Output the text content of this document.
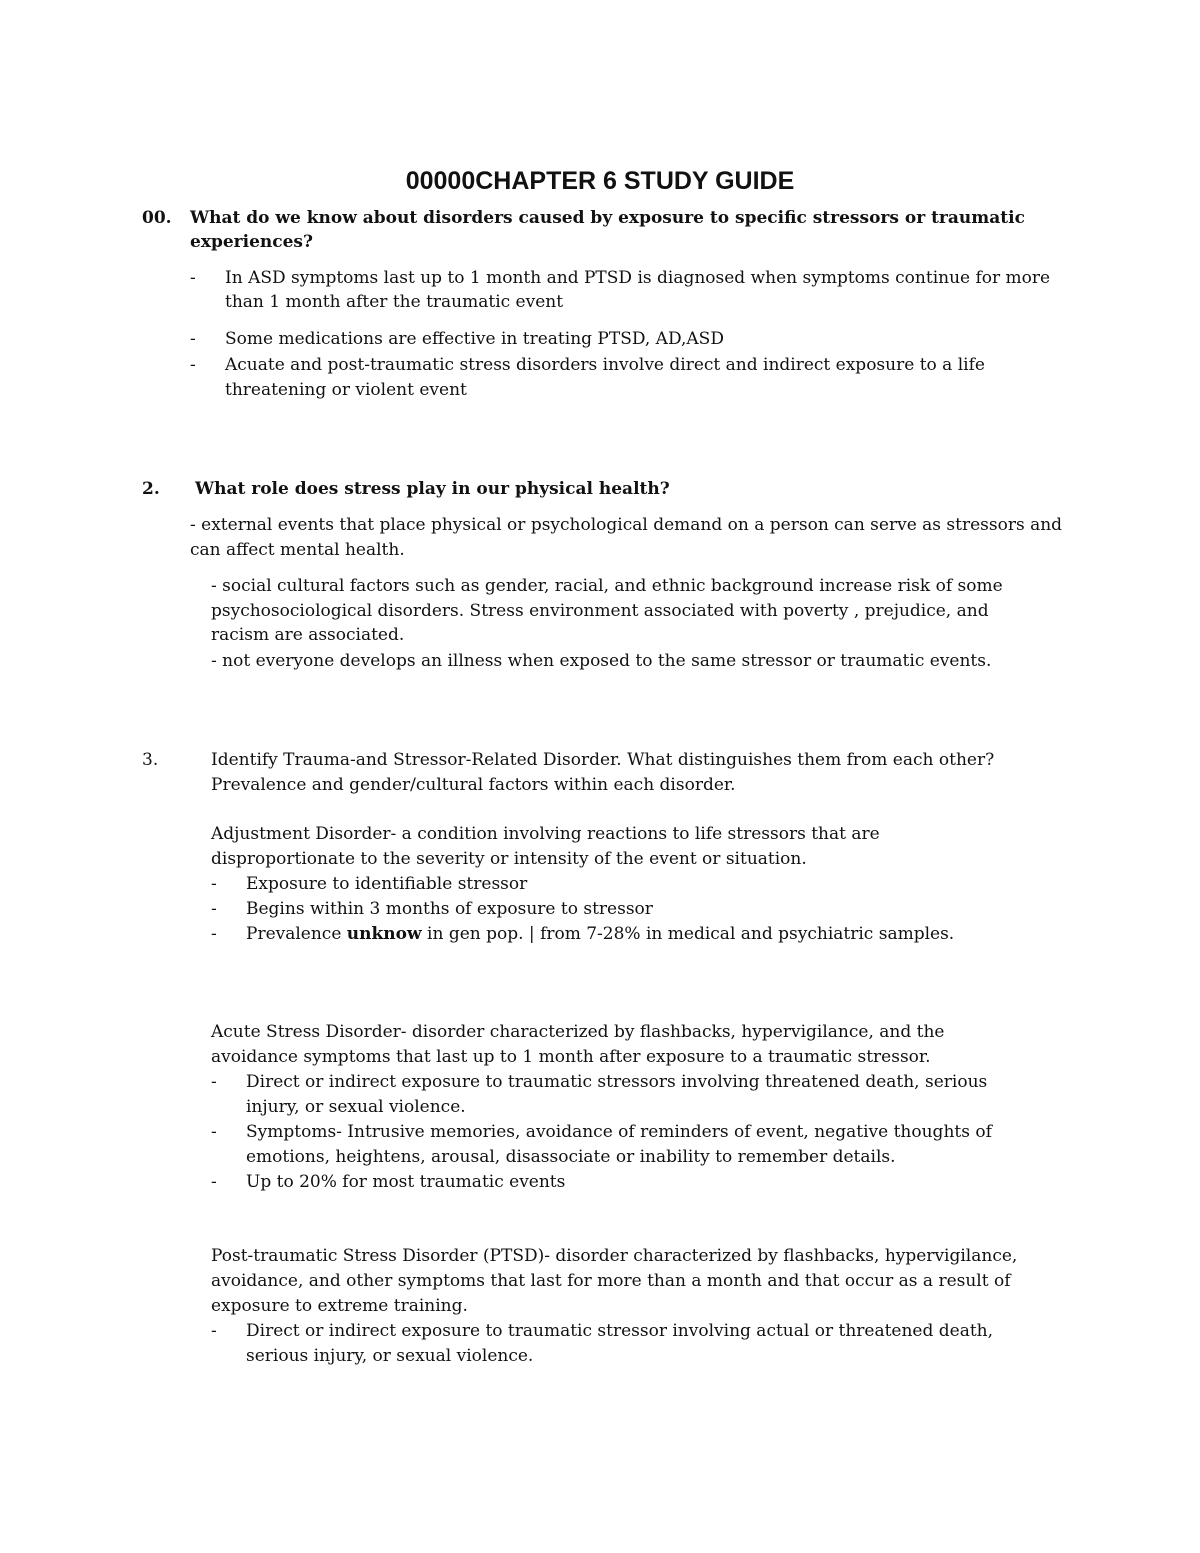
00000CHAPTER 6 STUDY GUIDE

00. What do we know about disorders caused by exposure to specific stressors or traumatic

experiences?

- In ASD symptoms last up to 1 month and PTSD is diagnosed when symptoms continue for more

than 1 month after the traumatic event

- Some medications are effective in treating PTSD, AD,ASD

- Acuate and post-traumatic stress disorders involve direct and indirect exposure to a life

threatening or violent event

2. What role does stress play in our physical health?

- external events that place physical or psychological demand on a person can serve as stressors and

can affect mental health.

- social cultural factors such as gender, racial, and ethnic background increase risk of some

psychosociological disorders. Stress environment associated with poverty , prejudice, and

racism are associated.

- not everyone develops an illness when exposed to the same stressor or traumatic events.

3.	Identify Trauma-and Stressor-Related Disorder. What distinguishes them from each other?

Prevalence and gender/cultural factors within each disorder.

Adjustment Disorder- a condition involving reactions to life stressors that are

disproportionate to the severity or intensity of the event or situation.

- Exposure to identifiable stressor

- Begins within 3 months of exposure to stressor

- Prevalence unknow in gen pop. | from 7-28% in medical and psychiatric samples.

Acute Stress Disorder- disorder characterized by flashbacks, hypervigilance, and the

avoidance symptoms that last up to 1 month after exposure to a traumatic stressor.

- Direct or indirect exposure to traumatic stressors involving threatened death, serious

injury, or sexual violence.

- Symptoms- Intrusive memories, avoidance of reminders of event, negative thoughts of

emotions, heightens, arousal, disassociate or inability to remember details.

- Up to 20% for most traumatic events

Post-traumatic Stress Disorder (PTSD)- disorder characterized by flashbacks, hypervigilance,

avoidance, and other symptoms that last for more than a month and that occur as a result of

exposure to extreme training.

- Direct or indirect exposure to traumatic stressor involving actual or threatened death,

serious injury, or sexual violence.
